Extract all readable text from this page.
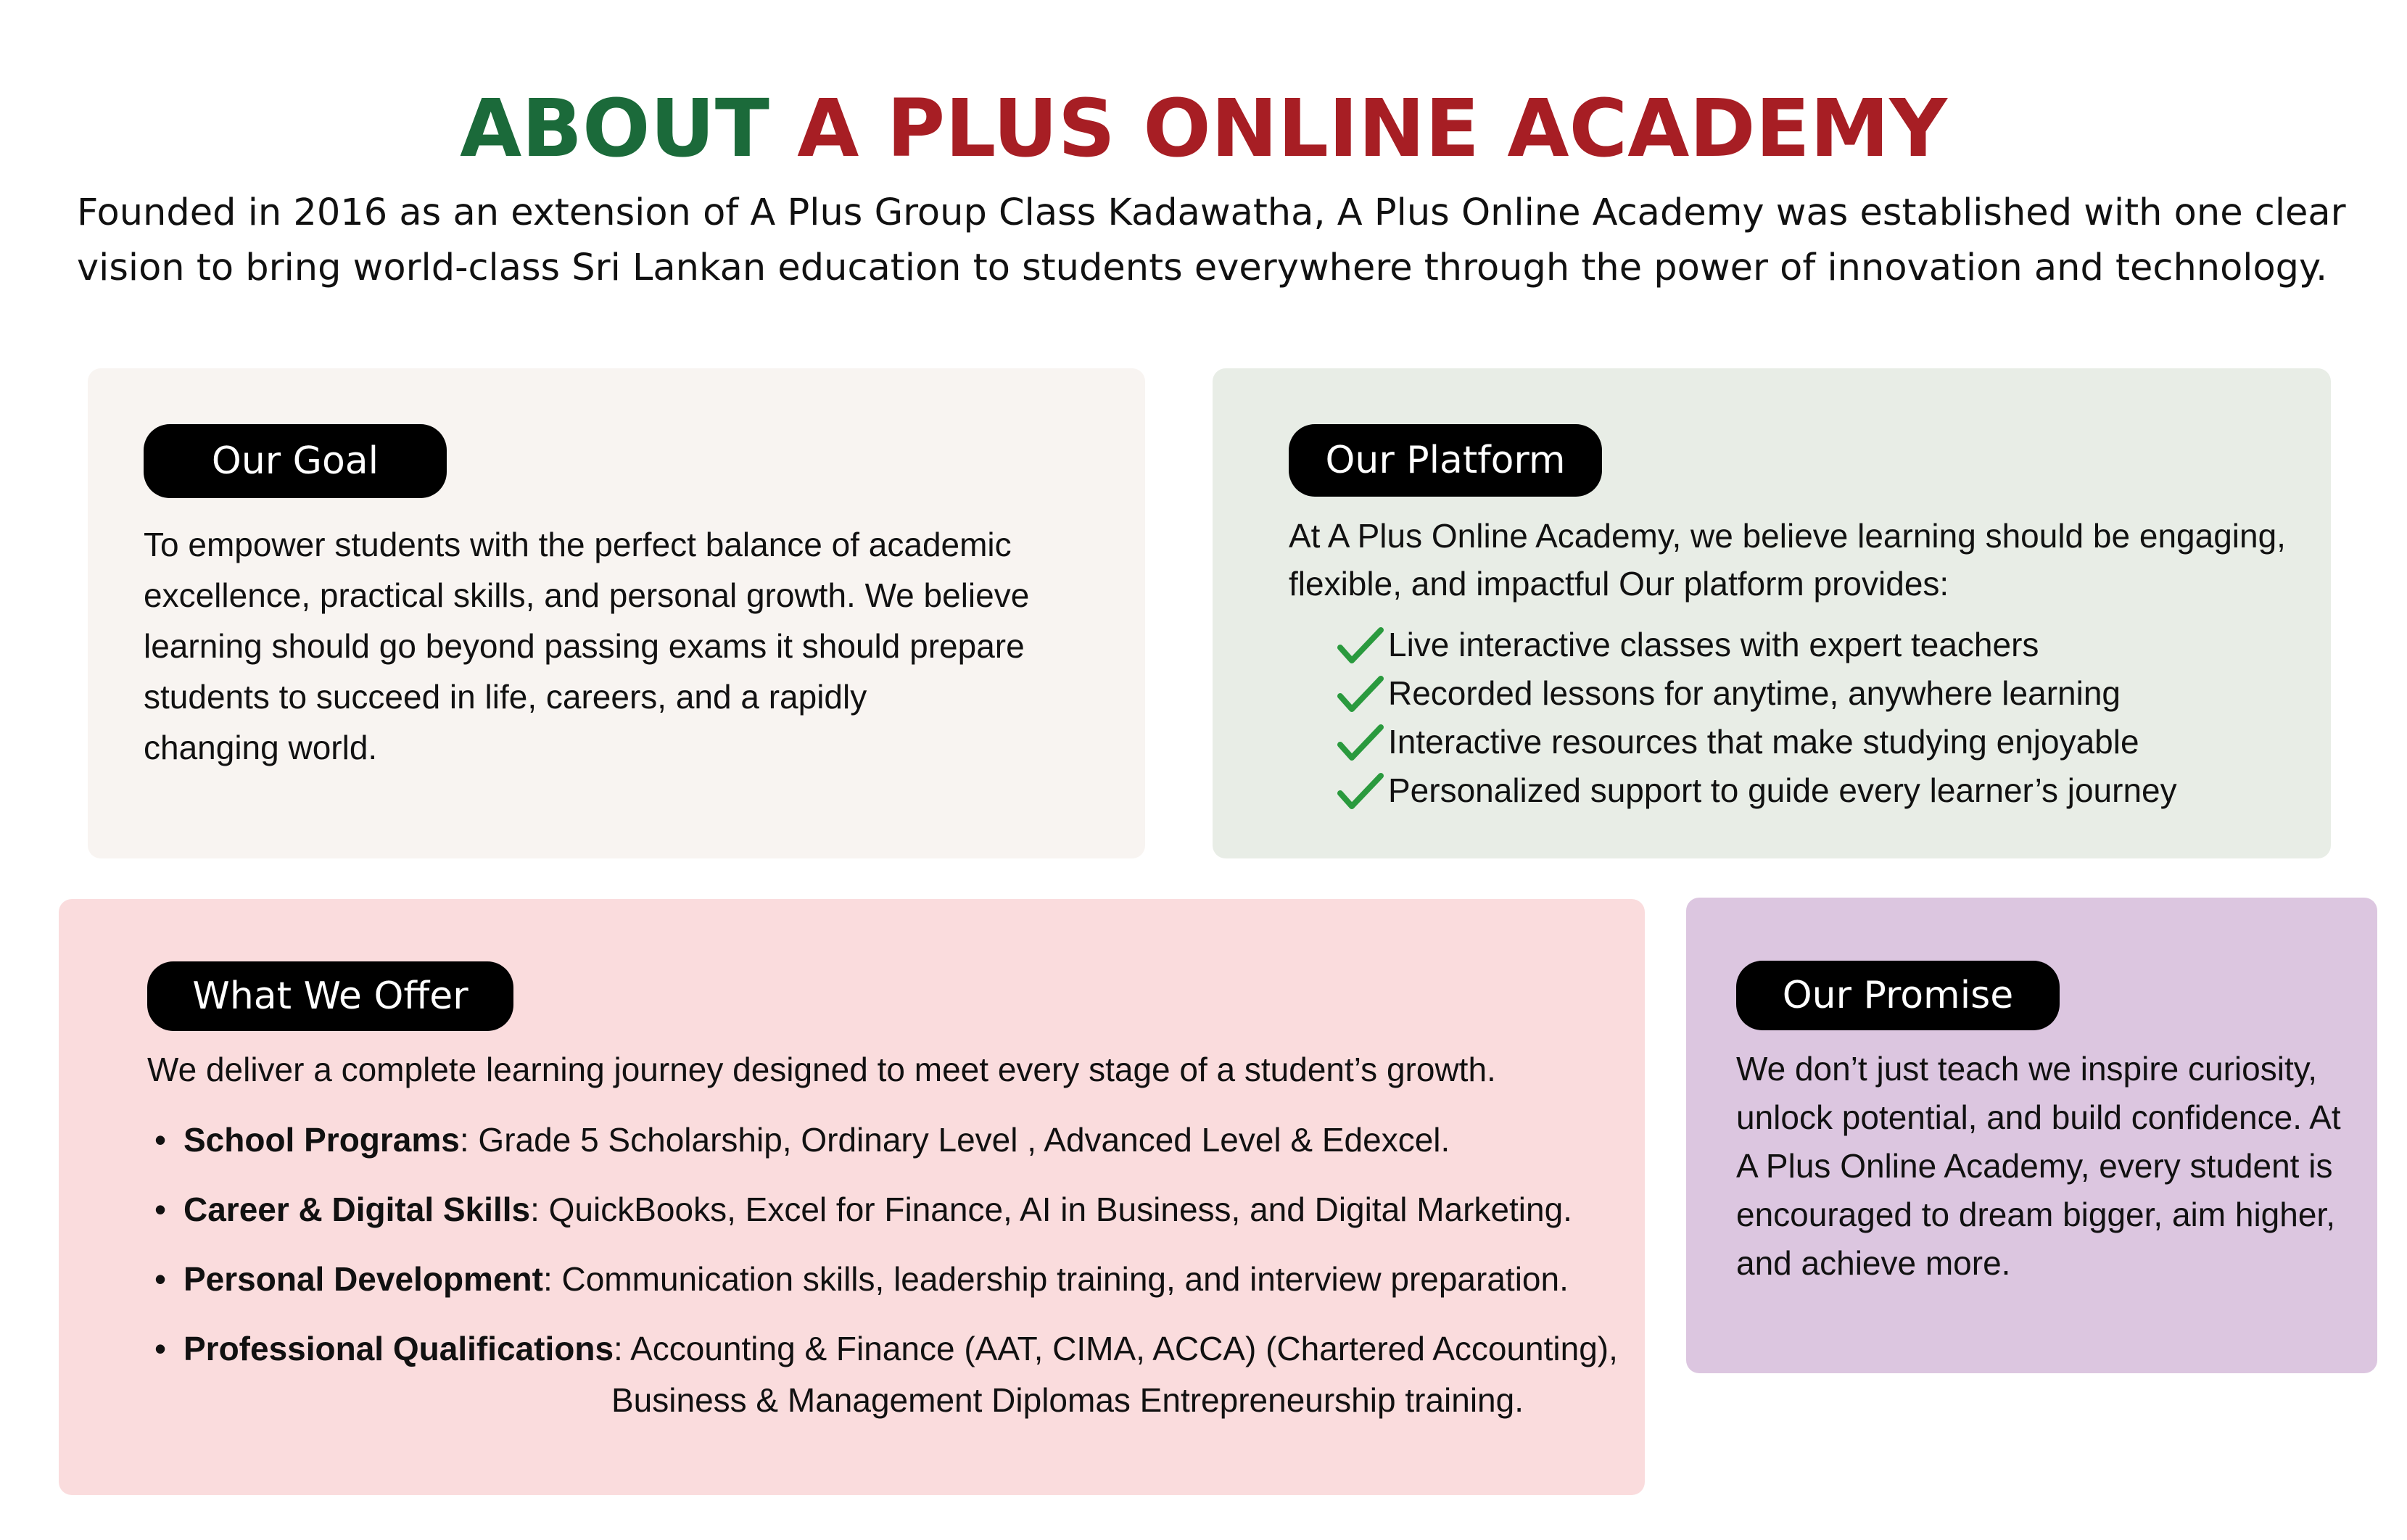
ABOUT A PLUS ONLINE ACADEMY
Founded in 2016 as an extension of A Plus Group Class Kadawatha, A Plus Online Academy was established with one clear
vision to bring world-class Sri Lankan education to students everywhere through the power of innovation and technology.
Our Goal
To empower students with the perfect balance of academic
excellence, practical skills, and personal growth. We believe
learning should go beyond passing exams it should prepare
students to succeed in life, careers, and a rapidly
changing world.
Our Platform
At A Plus Online Academy, we believe learning should be engaging,
flexible, and impactful Our platform provides:
Live interactive classes with expert teachers
Recorded lessons for anytime, anywhere learning
Interactive resources that make studying enjoyable
Personalized support to guide every learner’s journey
What We Offer
We deliver a complete learning journey designed to meet every stage of a student’s growth.
• School Programs : Grade 5 Scholarship, Ordinary Level , Advanced Level & Edexcel.
• Career & Digital Skills : QuickBooks, Excel for Finance, AI in Business, and Digital Marketing.
• Personal Development : Communication skills, leadership training, and interview preparation.
• Professional Qualifications : Accounting & Finance (AAT, CIMA, ACCA) (Chartered Accounting),
Business & Management Diplomas Entrepreneurship training.
Our Promise
We don’t just teach we inspire curiosity,
unlock potential, and build confidence. At
A Plus Online Academy, every student is
encouraged to dream bigger, aim higher,
and achieve more.
